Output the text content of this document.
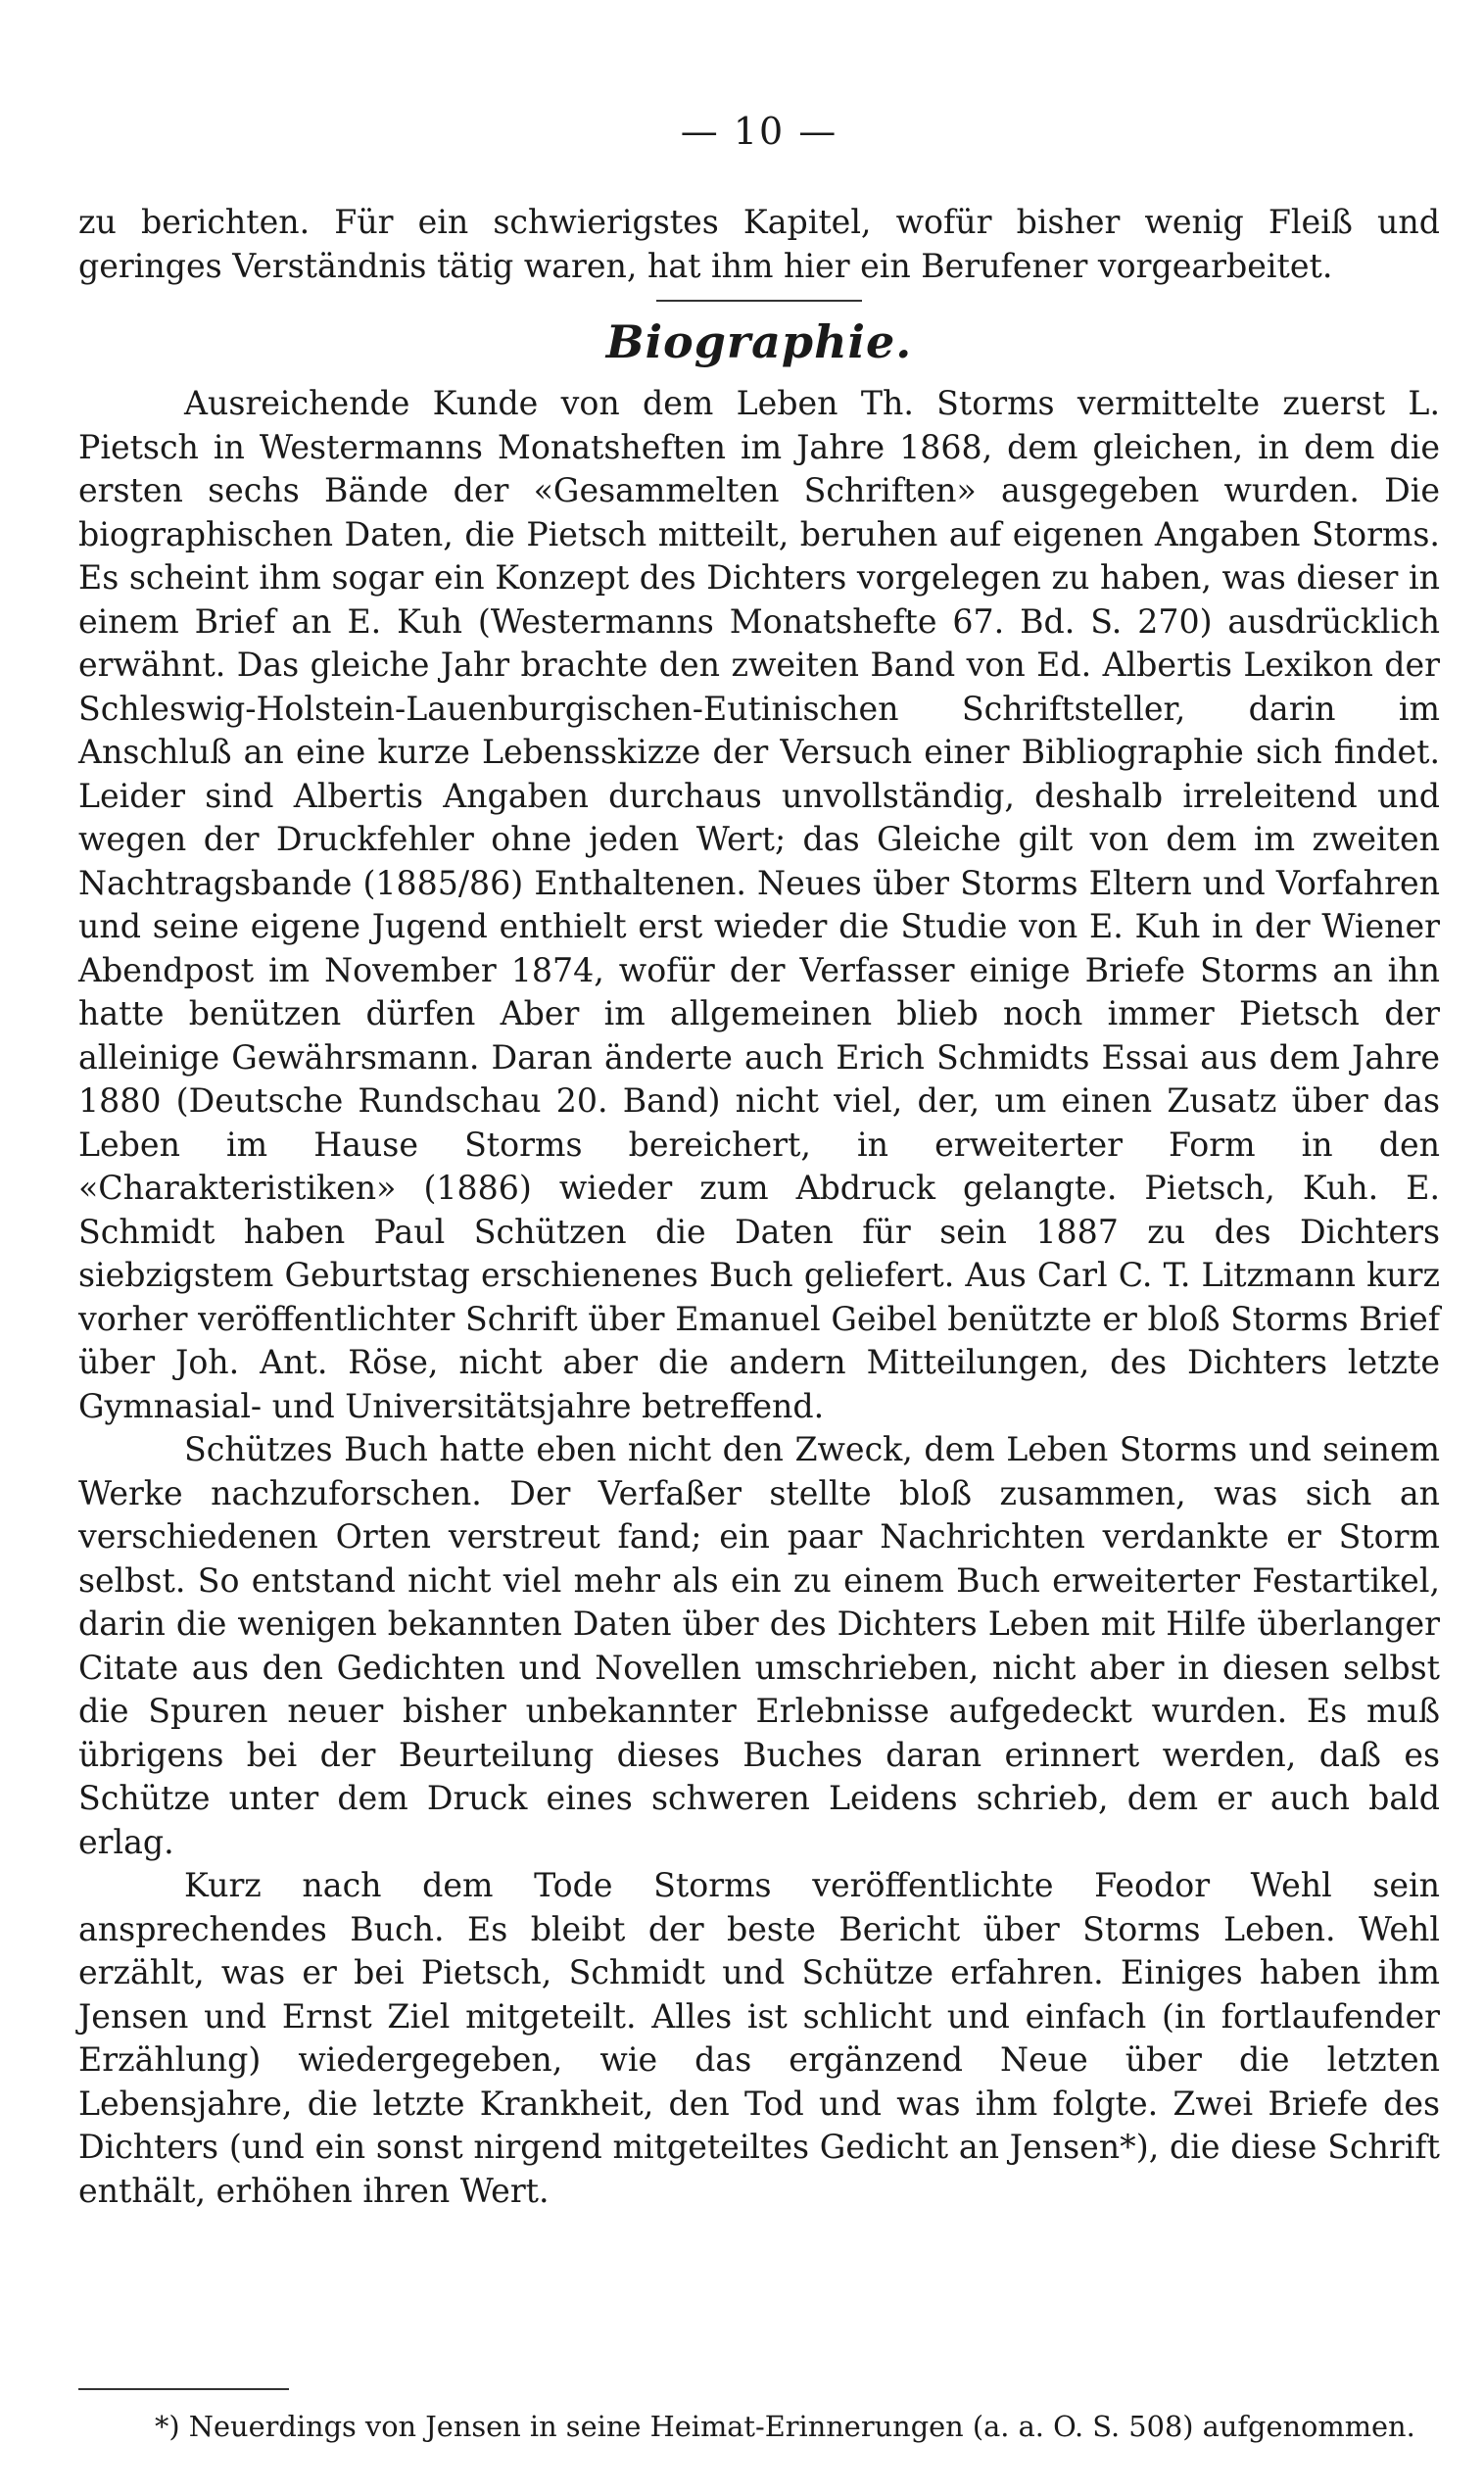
— 10 —

zu berichten. Für ein schwierigstes Kapitel, wofür bisher wenig Fleiß und geringes Verständnis tätig waren, hat ihm hier ein Berufener vorgearbeitet.

Biographie.

Ausreichende Kunde von dem Leben Th. Storms vermittelte zuerst L. Pietsch in Westermanns Monatsheften im Jahre 1868, dem gleichen, in dem die ersten sechs Bände der «Gesammelten Schriften» ausgegeben wurden. Die biographischen Daten, die Pietsch mitteilt, beruhen auf eigenen Angaben Storms. Es scheint ihm sogar ein Konzept des Dichters vorgelegen zu haben, was dieser in einem Brief an E. Kuh (Westermanns Monatshefte 67. Bd. S. 270) ausdrücklich erwähnt. Das gleiche Jahr brachte den zweiten Band von Ed. Albertis Lexikon der Schleswig-Holstein-Lauenburgischen-Eutinischen Schriftsteller, darin im Anschluß an eine kurze Lebensskizze der Versuch einer Bibliographie sich findet. Leider sind Albertis Angaben durchaus unvollständig, deshalb irreleitend und wegen der Druckfehler ohne jeden Wert; das Gleiche gilt von dem im zweiten Nachtragsbande (1885/86) Enthaltenen. Neues über Storms Eltern und Vorfahren und seine eigene Jugend enthielt erst wieder die Studie von E. Kuh in der Wiener Abendpost im November 1874, wofür der Verfasser einige Briefe Storms an ihn hatte benützen dürfen Aber im allgemeinen blieb noch immer Pietsch der alleinige Gewährsmann. Daran änderte auch Erich Schmidts Essai aus dem Jahre 1880 (Deutsche Rundschau 20. Band) nicht viel, der, um einen Zusatz über das Leben im Hause Storms bereichert, in erweiterter Form in den «Charakteristiken» (1886) wieder zum Abdruck gelangte. Pietsch, Kuh. E. Schmidt haben Paul Schützen die Daten für sein 1887 zu des Dichters siebzigstem Geburtstag erschienenes Buch geliefert. Aus Carl C. T. Litzmann kurz vorher veröffentlichter Schrift über Emanuel Geibel benützte er bloß Storms Brief über Joh. Ant. Röse, nicht aber die andern Mitteilungen, des Dichters letzte Gymnasial- und Universitätsjahre betreffend.

Schützes Buch hatte eben nicht den Zweck, dem Leben Storms und seinem Werke nachzuforschen. Der Verfaßer stellte bloß zusammen, was sich an verschiedenen Orten verstreut fand; ein paar Nachrichten verdankte er Storm selbst. So entstand nicht viel mehr als ein zu einem Buch erweiterter Festartikel, darin die wenigen bekannten Daten über des Dichters Leben mit Hilfe überlanger Citate aus den Gedichten und Novellen umschrieben, nicht aber in diesen selbst die Spuren neuer bisher unbekannter Erlebnisse aufgedeckt wurden. Es muß übrigens bei der Beurteilung dieses Buches daran erinnert werden, daß es Schütze unter dem Druck eines schweren Leidens schrieb, dem er auch bald erlag.

Kurz nach dem Tode Storms veröffentlichte Feodor Wehl sein ansprechendes Buch. Es bleibt der beste Bericht über Storms Leben. Wehl erzählt, was er bei Pietsch, Schmidt und Schütze erfahren. Einiges haben ihm Jensen und Ernst Ziel mitgeteilt. Alles ist schlicht und einfach (in fortlaufender Erzählung) wiedergegeben, wie das ergänzend Neue über die letzten Lebensjahre, die letzte Krankheit, den Tod und was ihm folgte. Zwei Briefe des Dichters (und ein sonst nirgend mitgeteiltes Gedicht an Jensen*), die diese Schrift enthält, erhöhen ihren Wert.

*) Neuerdings von Jensen in seine Heimat-Erinnerungen (a. a. O. S. 508) aufgenommen.
